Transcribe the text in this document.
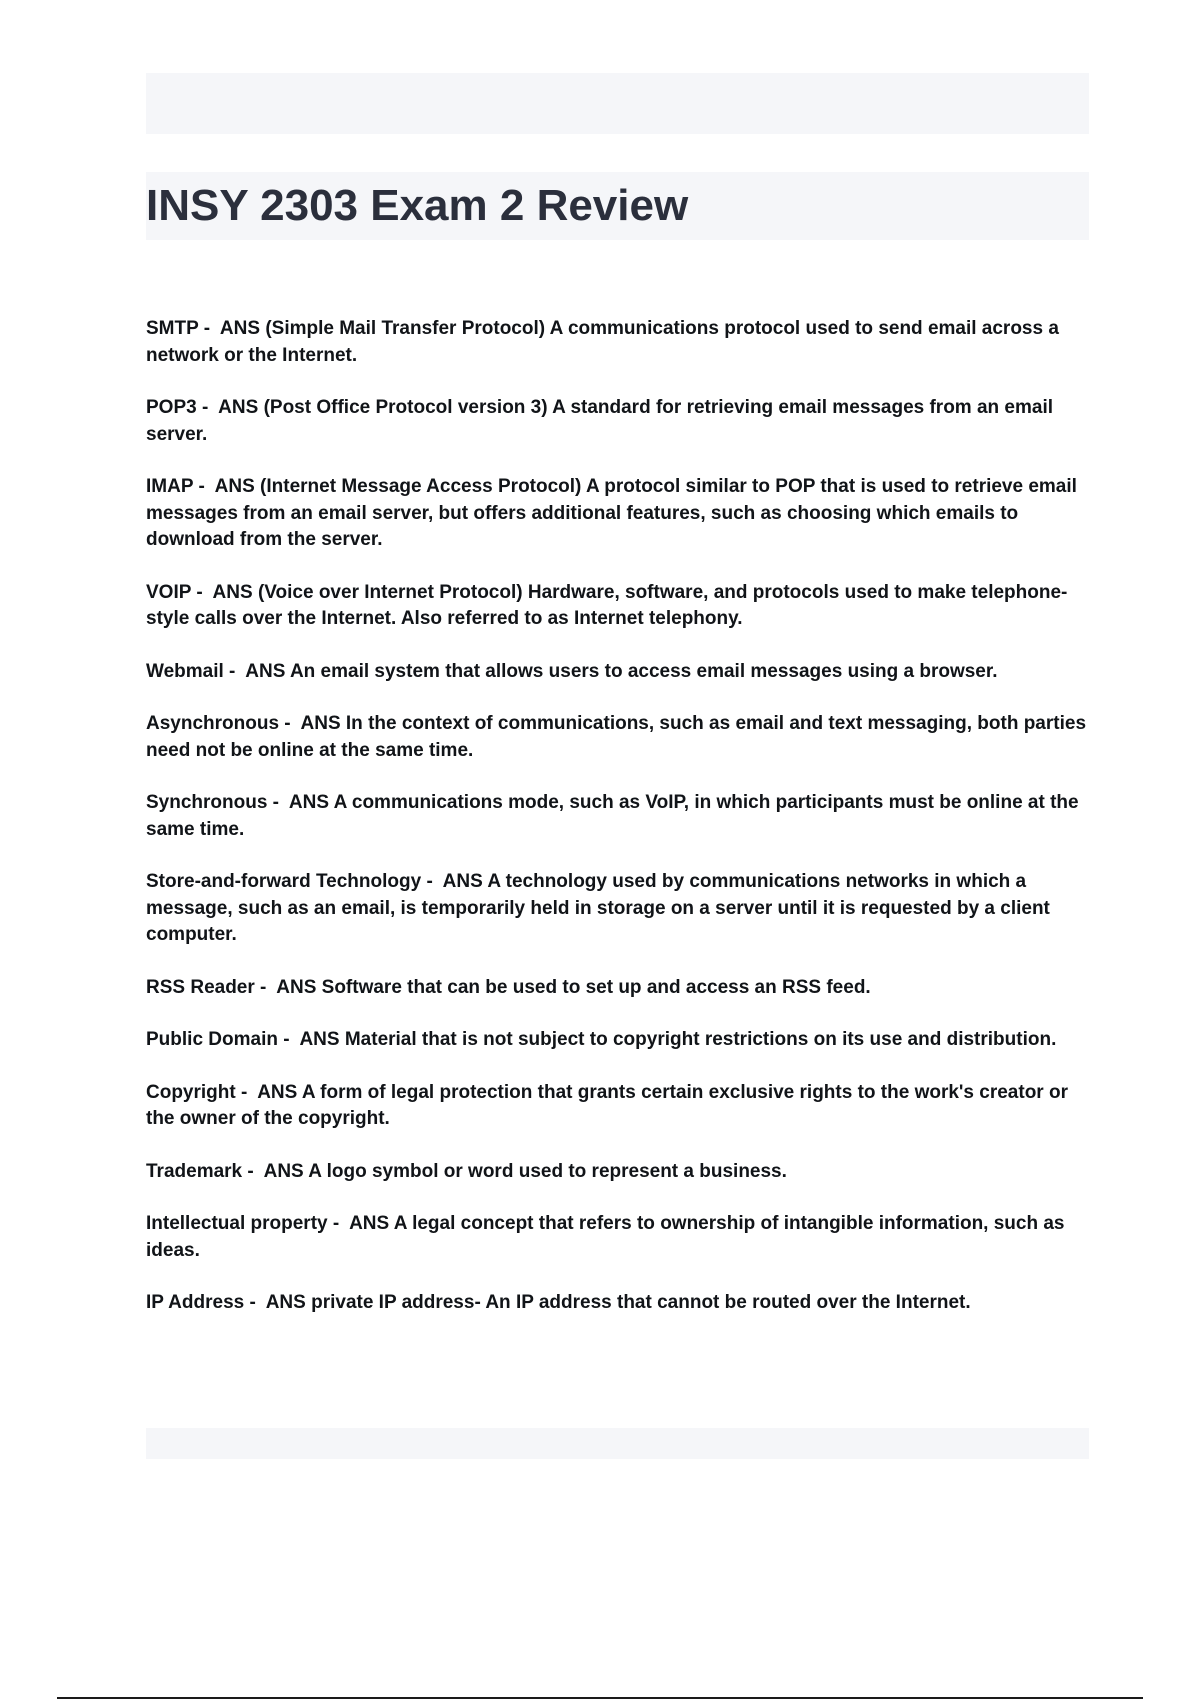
INSY 2303 Exam 2 Review
SMTP -  ANS (Simple Mail Transfer Protocol) A communications protocol used to send email across a network or the Internet.
POP3 -  ANS (Post Office Protocol version 3) A standard for retrieving email messages from an email server.
IMAP -  ANS (Internet Message Access Protocol) A protocol similar to POP that is used to retrieve email messages from an email server, but offers additional features, such as choosing which emails to download from the server.
VOIP -  ANS (Voice over Internet Protocol) Hardware, software, and protocols used to make telephone-style calls over the Internet. Also referred to as Internet telephony.
Webmail -  ANS An email system that allows users to access email messages using a browser.
Asynchronous -  ANS In the context of communications, such as email and text messaging, both parties need not be online at the same time.
Synchronous -  ANS A communications mode, such as VoIP, in which participants must be online at the same time.
Store-and-forward Technology -  ANS A technology used by communications networks in which a message, such as an email, is temporarily held in storage on a server until it is requested by a client computer.
RSS Reader -  ANS Software that can be used to set up and access an RSS feed.
Public Domain -  ANS Material that is not subject to copyright restrictions on its use and distribution.
Copyright -  ANS A form of legal protection that grants certain exclusive rights to the work's creator or the owner of the copyright.
Trademark -  ANS A logo symbol or word used to represent a business.
Intellectual property -  ANS A legal concept that refers to ownership of intangible information, such as ideas.
IP Address -  ANS private IP address- An IP address that cannot be routed over the Internet.
